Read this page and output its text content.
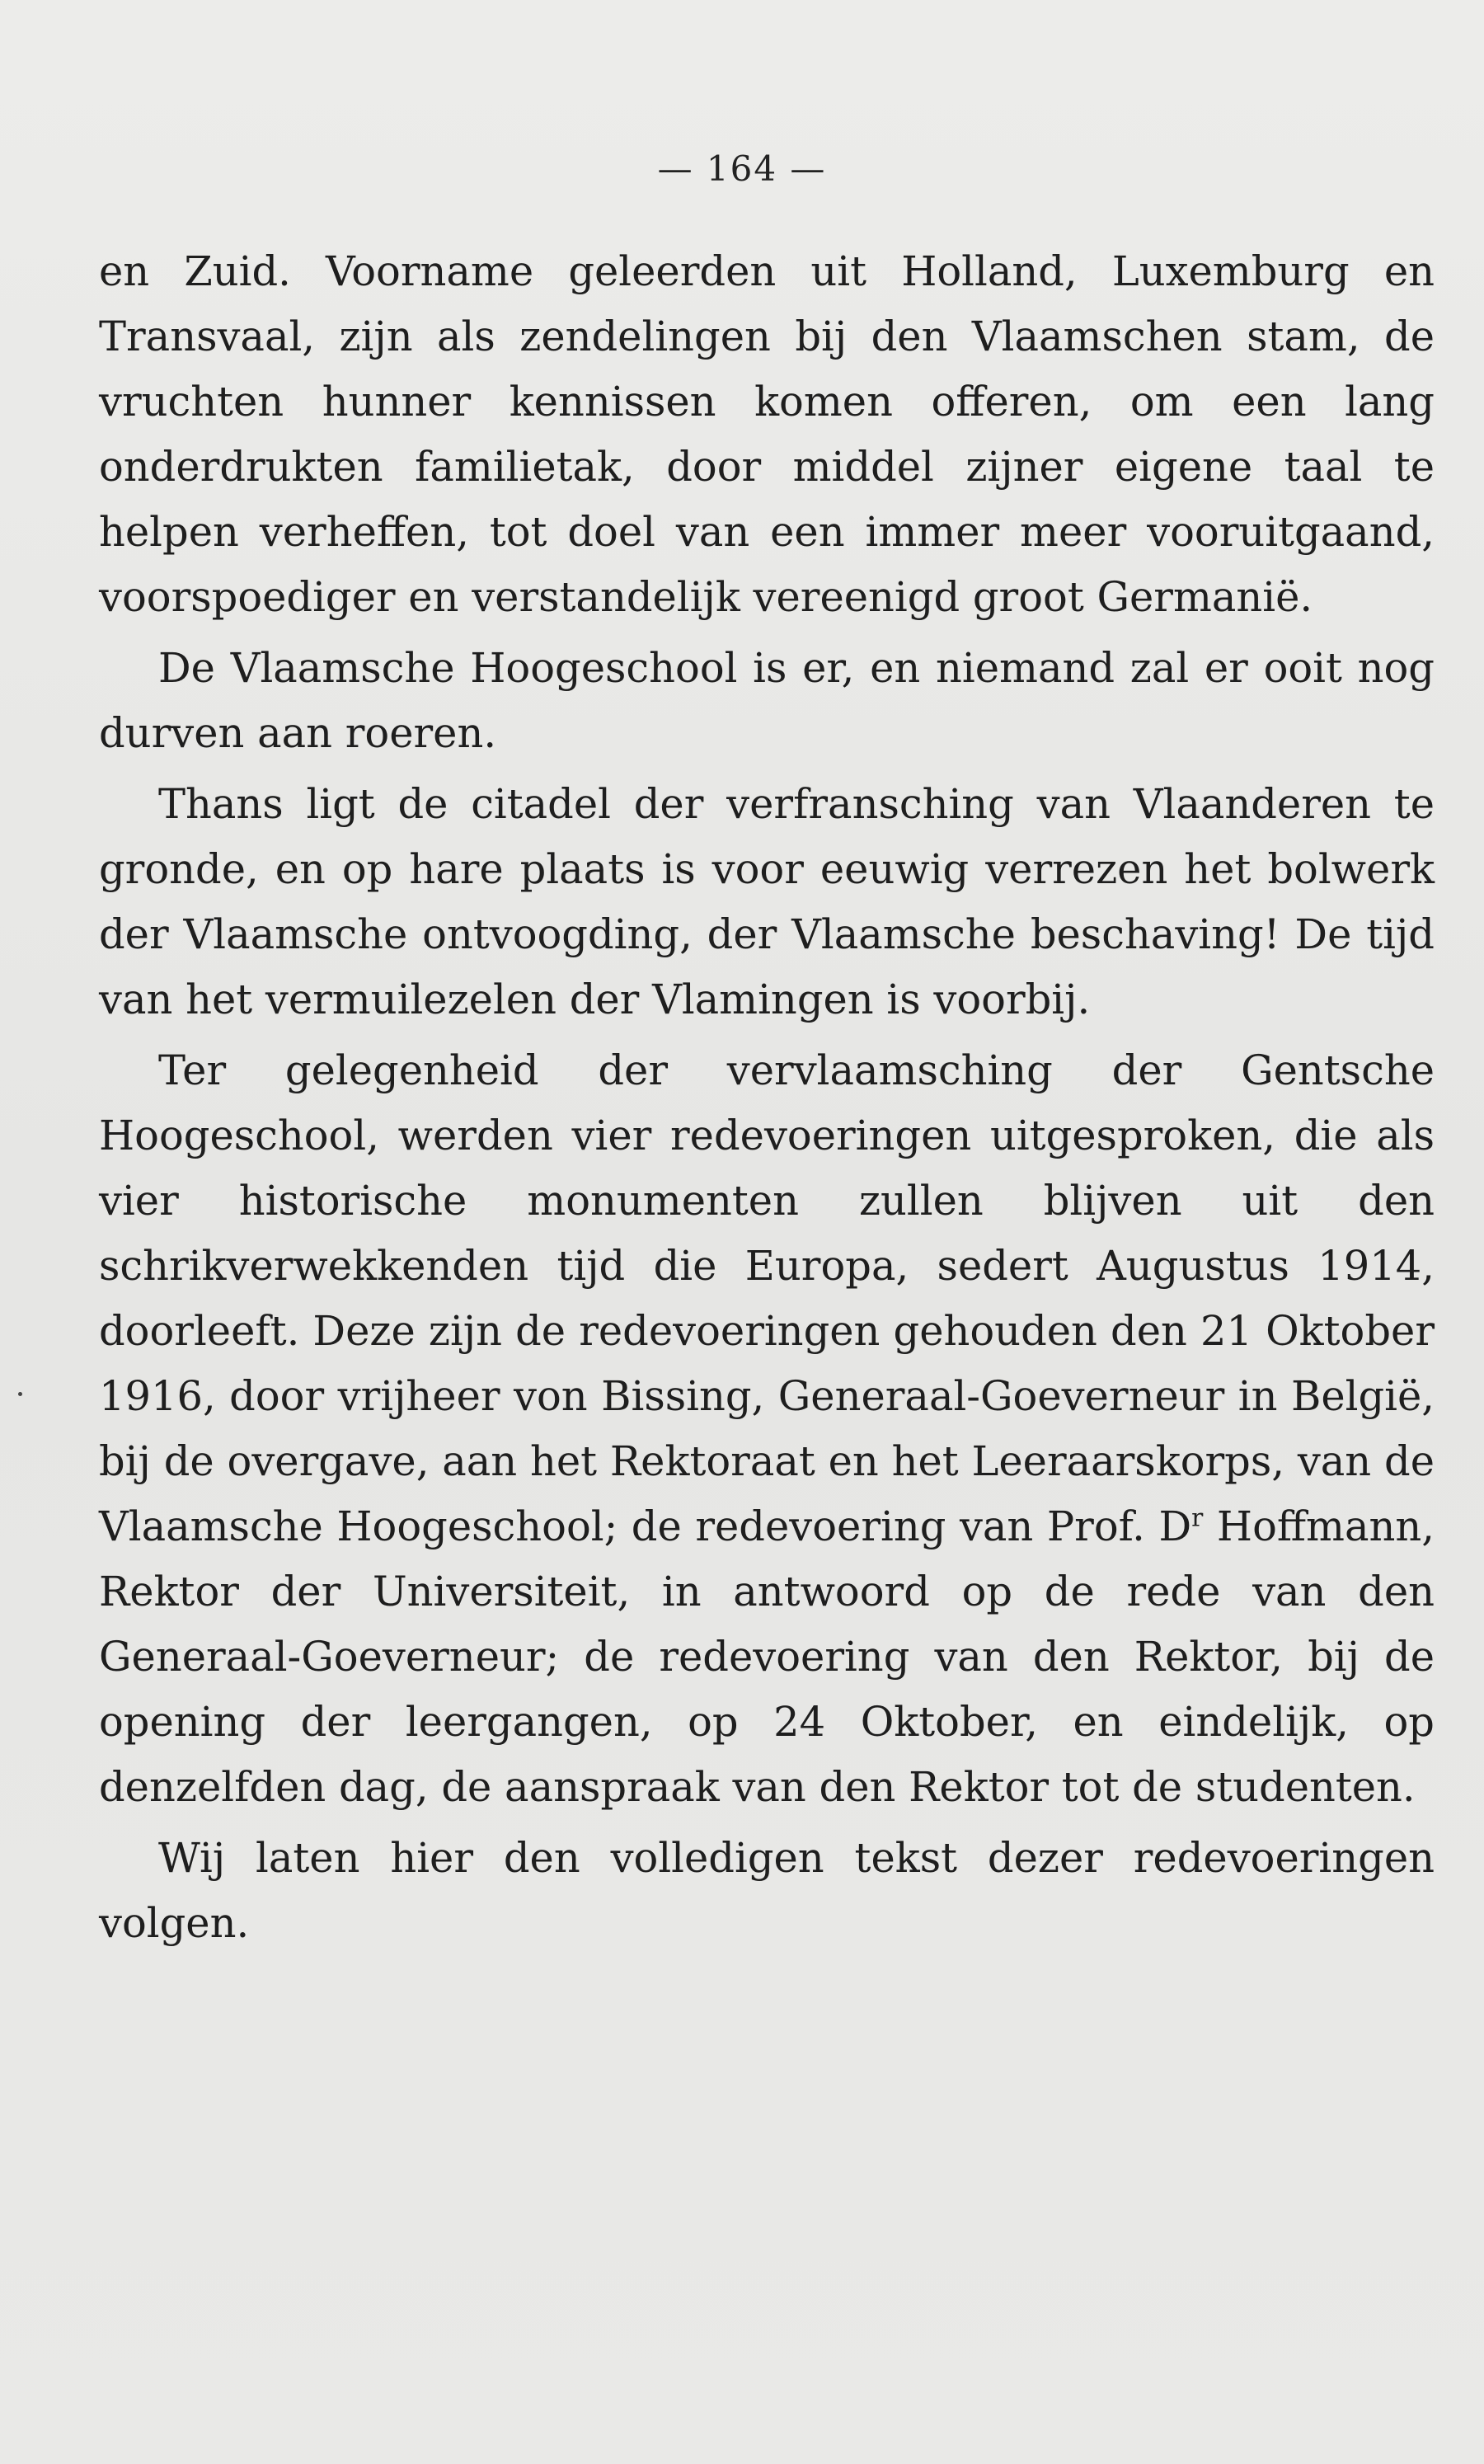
— 164 —

en Zuid. Voorname geleerden uit Holland, Luxemburg en Transvaal, zijn als zendelingen bij den Vlaamschen stam, de vruchten hunner kennissen komen offeren, om een lang onderdrukten familietak, door middel zijner eigene taal te helpen verheffen, tot doel van een immer meer vooruitgaand, voorspoediger en verstandelijk vereenigd groot Germanië.

De Vlaamsche Hoogeschool is er, en niemand zal er ooit nog durven aan roeren.

Thans ligt de citadel der verfransching van Vlaanderen te gronde, en op hare plaats is voor eeuwig verrezen het bolwerk der Vlaamsche ontvoogding, der Vlaamsche beschaving! De tijd van het vermuilezelen der Vlamingen is voorbij.

Ter gelegenheid der vervlaamsching der Gentsche Hoogeschool, werden vier redevoeringen uitgesproken, die als vier historische monumenten zullen blijven uit den schrikverwekkenden tijd die Europa, sedert Augustus 1914, doorleeft. Deze zijn de redevoeringen gehouden den 21 Oktober 1916, door vrijheer von Bissing, Generaal-Goeverneur in België, bij de overgave, aan het Rektoraat en het Leeraarskorps, van de Vlaamsche Hoogeschool; de redevoering van Prof. $D^r$ Hoffmann, Rektor der Universiteit, in antwoord op de rede van den Generaal-Goeverneur; de redevoering van den Rektor, bij de opening der leergangen, op 24 Oktober, en eindelijk, op denzelfden dag, de aanspraak van den Rektor tot de studenten.

Wij laten hier den volledigen tekst dezer redevoeringen volgen.
